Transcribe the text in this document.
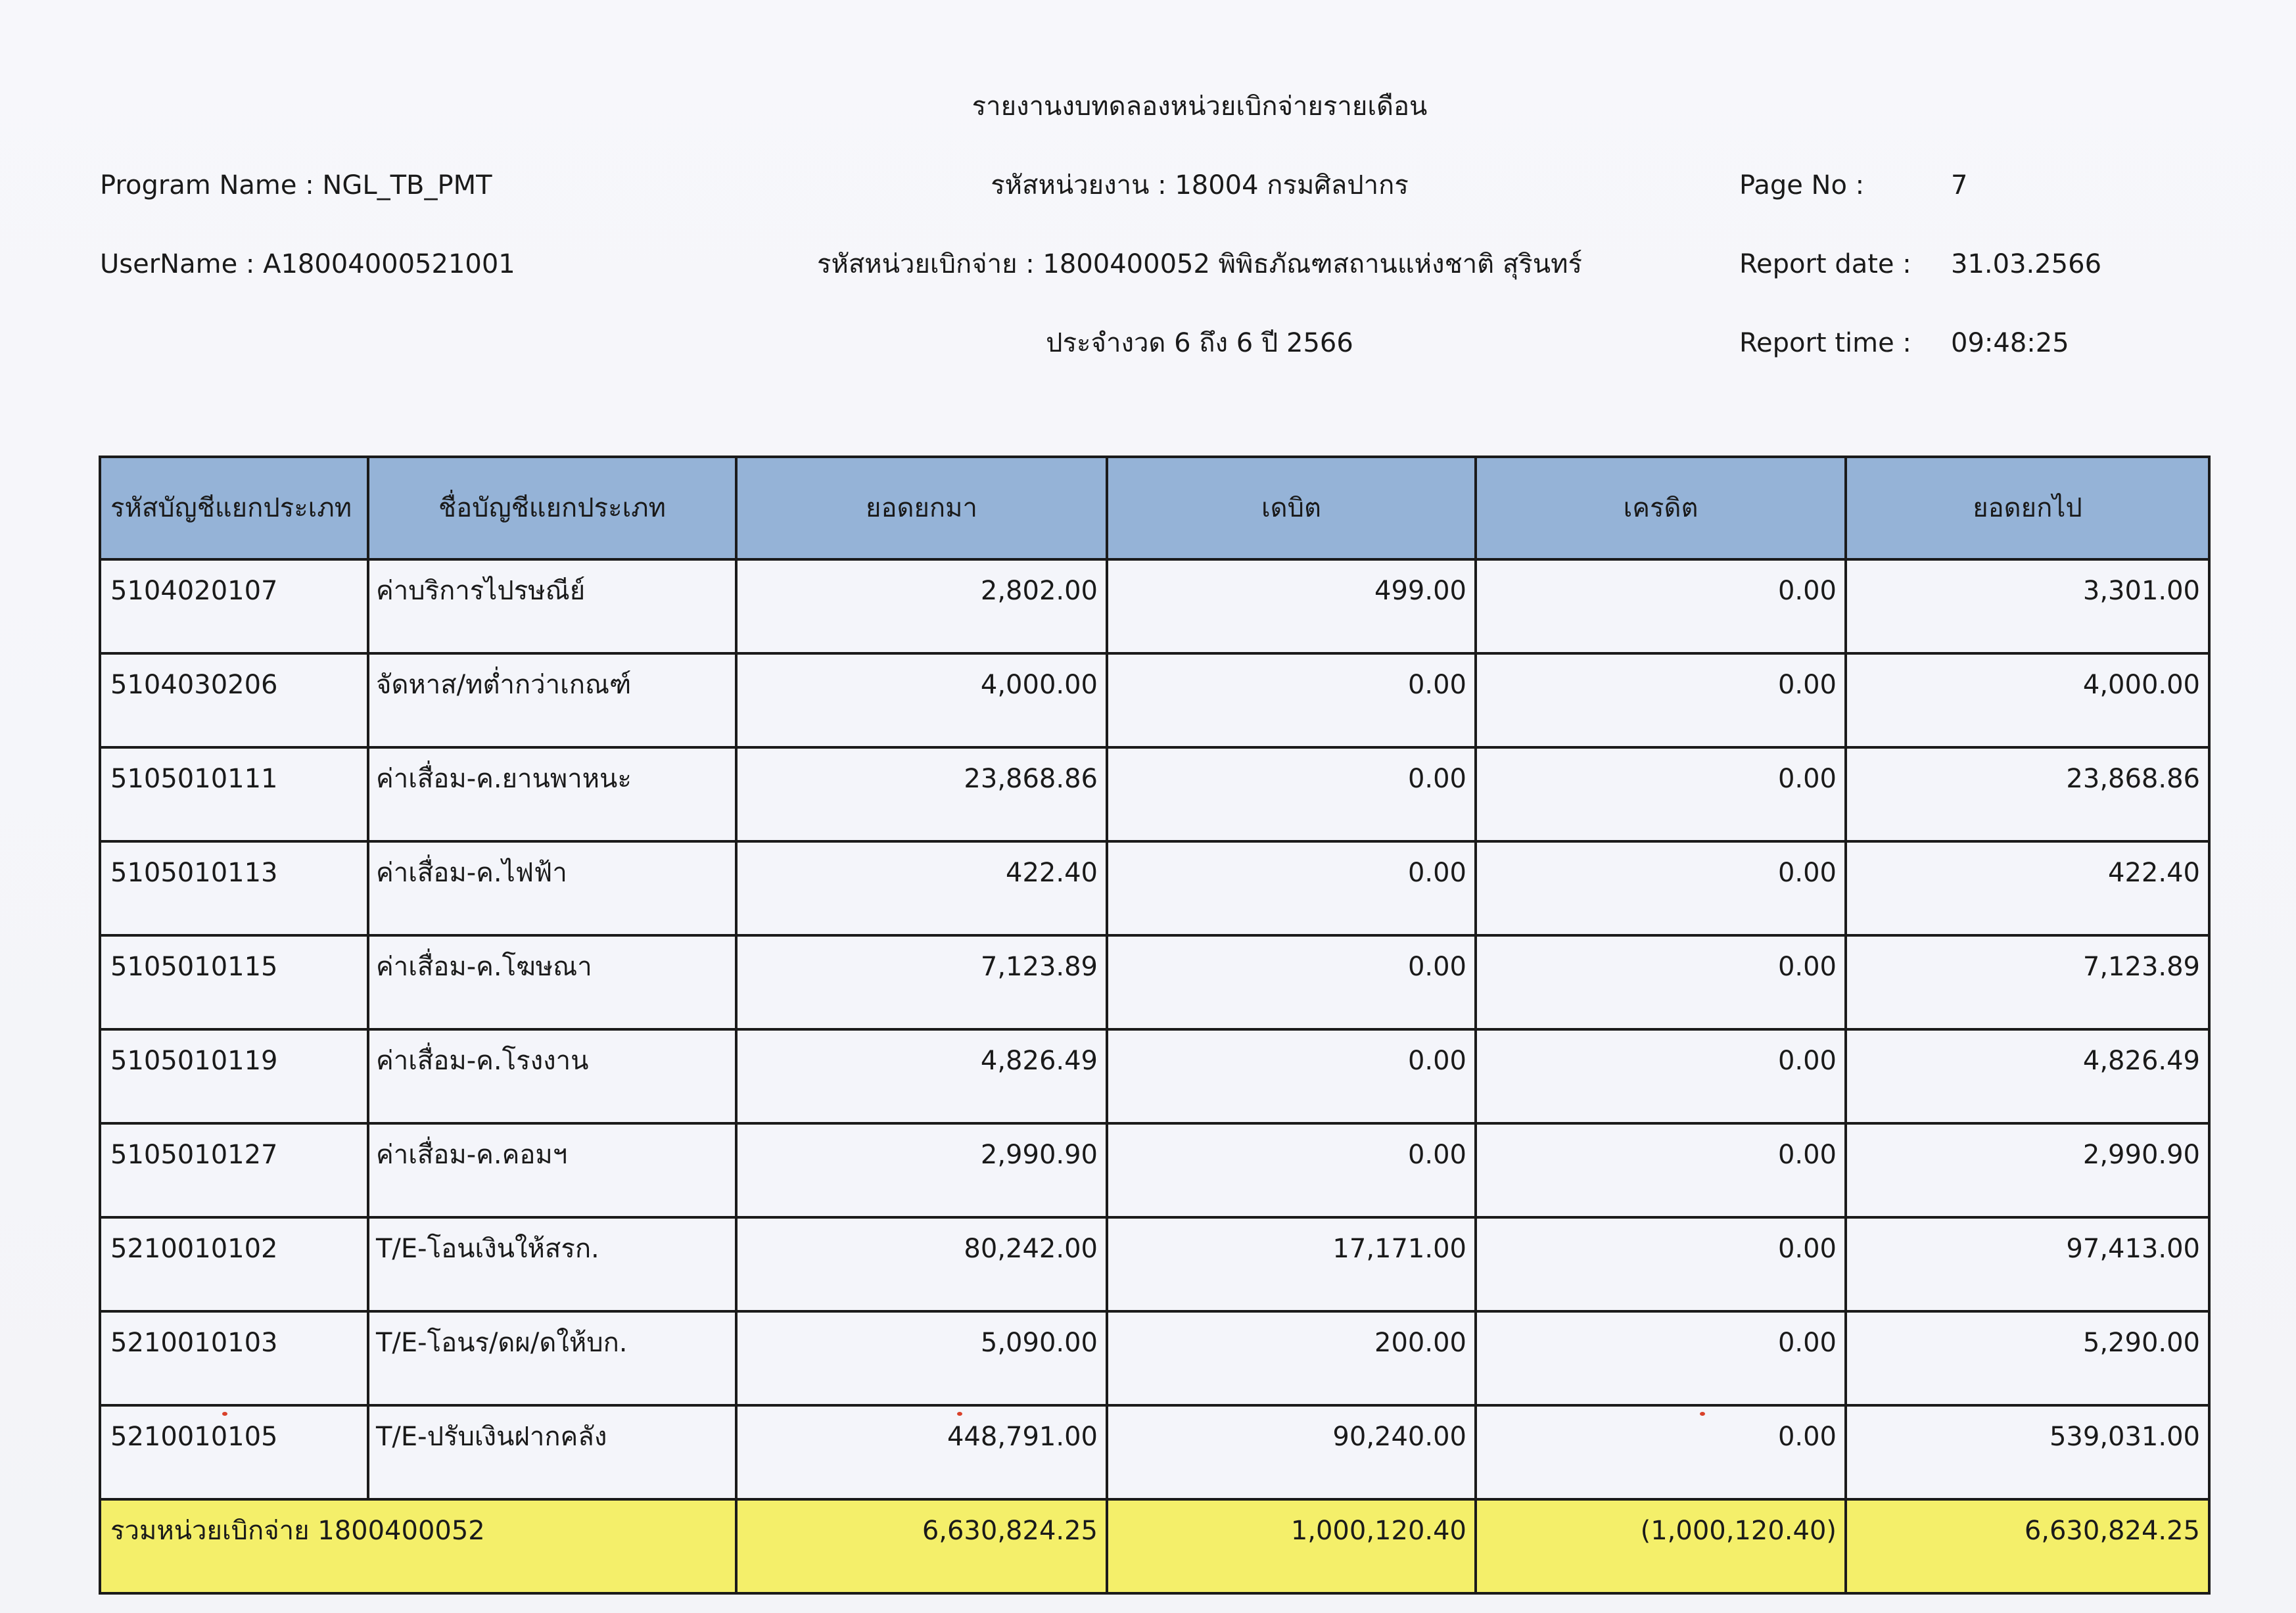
รายงานงบทดลองหน่วยเบิกจ่ายรายเดือน
Program Name : NGL_TB_PMT	รหัสหน่วยงาน : 18004 กรมศิลปากร	Page No :	7
UserName : A18004000521001	รหัสหน่วยเบิกจ่าย : 1800400052 พิพิธภัณฑสถานแห่งชาติ สุรินทร์	Report date : 31.03.2566
ประจำงวด 6 ถึง 6 ปี 2566	Report time : 09:48:25
รหัสบัญชีแยกประเภท	ชื่อบัญชีแยกประเภท	ยอดยกมา	เดบิต	เครดิต	ยอดยกไป
5104020107	ค่าบริการไปรษณีย์	2,802.00	499.00	0.00	3,301.00
5104030206	จัดหาส/ทต่ำกว่าเกณฑ์	4,000.00	0.00	0.00	4,000.00
5105010111	ค่าเสื่อม-ค.ยานพาหนะ	23,868.86	0.00	0.00	23,868.86
5105010113	ค่าเสื่อม-ค.ไฟฟ้า	422.40	0.00	0.00	422.40
5105010115	ค่าเสื่อม-ค.โฆษณา	7,123.89	0.00	0.00	7,123.89
5105010119	ค่าเสื่อม-ค.โรงงาน	4,826.49	0.00	0.00	4,826.49
5105010127	ค่าเสื่อม-ค.คอมฯ	2,990.90	0.00	0.00	2,990.90
5210010102	T/E-โอนเงินให้สรก.	80,242.00	17,171.00	0.00	97,413.00
5210010103	T/E-โอนร/ดผ/ดให้บก.	5,090.00	200.00	0.00	5,290.00
5210010105	T/E-ปรับเงินฝากคลัง	448,791.00	90,240.00	0.00	539,031.00
รวมหน่วยเบิกจ่าย 1800400052		6,630,824.25	1,000,120.40	(1,000,120.40)	6,630,824.25
